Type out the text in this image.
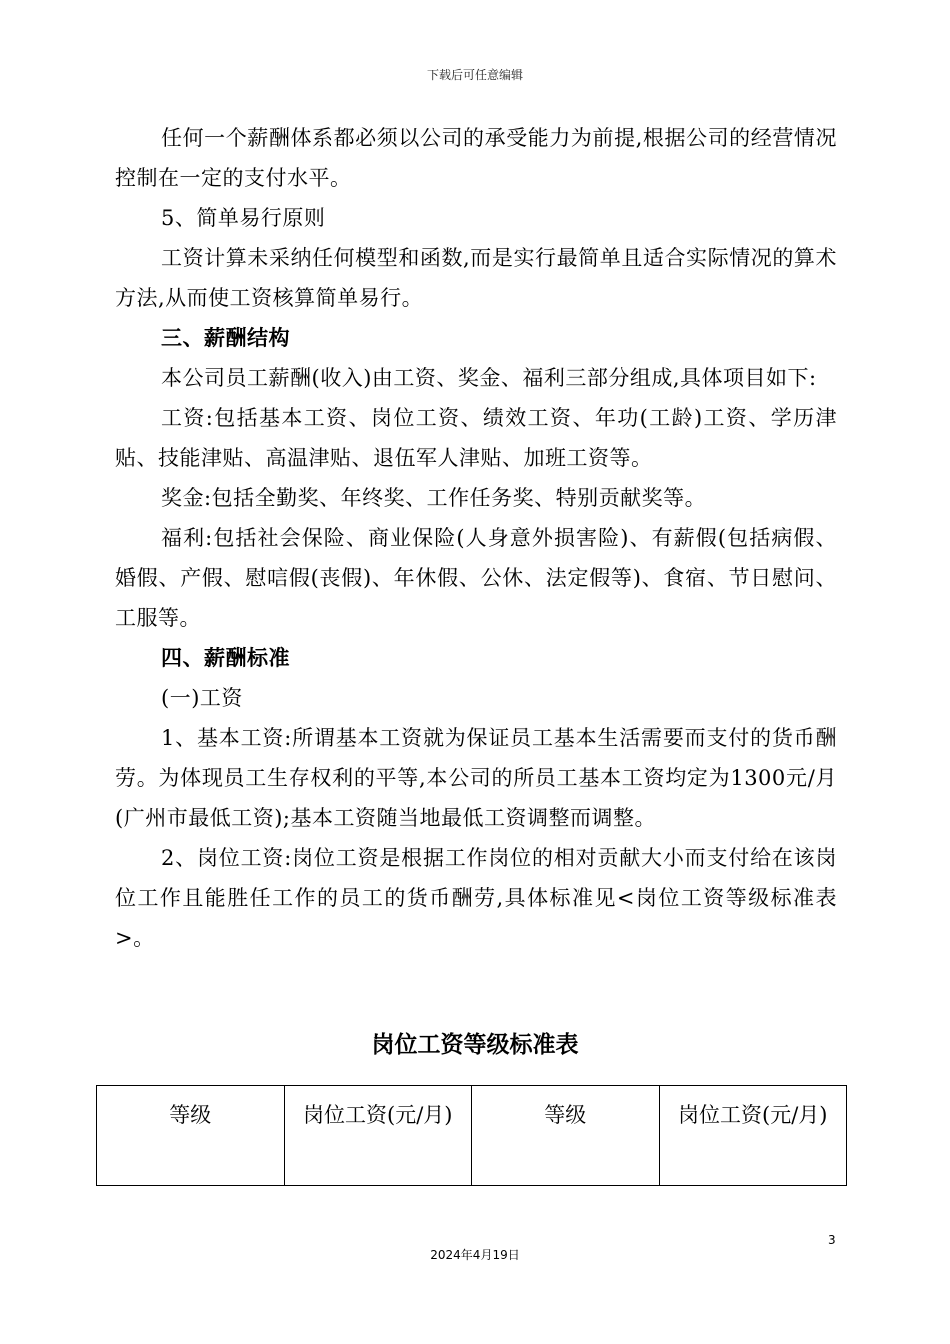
下载后可任意编辑

任何一个薪酬体系都必须以公司的承受能力为前提,根据公司的经营情况控制在一定的支付水平。

5、简单易行原则

工资计算未采纳任何模型和函数,而是实行最简单且适合实际情况的算术方法,从而使工资核算简单易行。

三、薪酬结构

本公司员工薪酬(收入)由工资、奖金、福利三部分组成,具体项目如下:

工资:包括基本工资、岗位工资、绩效工资、年功(工龄)工资、学历津贴、技能津贴、高温津贴、退伍军人津贴、加班工资等。

奖金:包括全勤奖、年终奖、工作任务奖、特别贡献奖等。

福利:包括社会保险、商业保险(人身意外损害险)、有薪假(包括病假、婚假、产假、慰唁假(丧假)、年休假、公休、法定假等)、食宿、节日慰问、工服等。

四、薪酬标准

(一)工资

1、基本工资:所谓基本工资就为保证员工基本生活需要而支付的货币酬劳。为体现员工生存权利的平等,本公司的所员工基本工资均定为1300元/月(广州市最低工资);基本工资随当地最低工资调整而调整。

2、岗位工资:岗位工资是根据工作岗位的相对贡献大小而支付给在该岗位工作且能胜任工作的员工的货币酬劳,具体标准见<岗位工资等级标准表>。

岗位工资等级标准表
等级	岗位工资(元/月)	等级	岗位工资(元/月)
3
2024年4月19日
